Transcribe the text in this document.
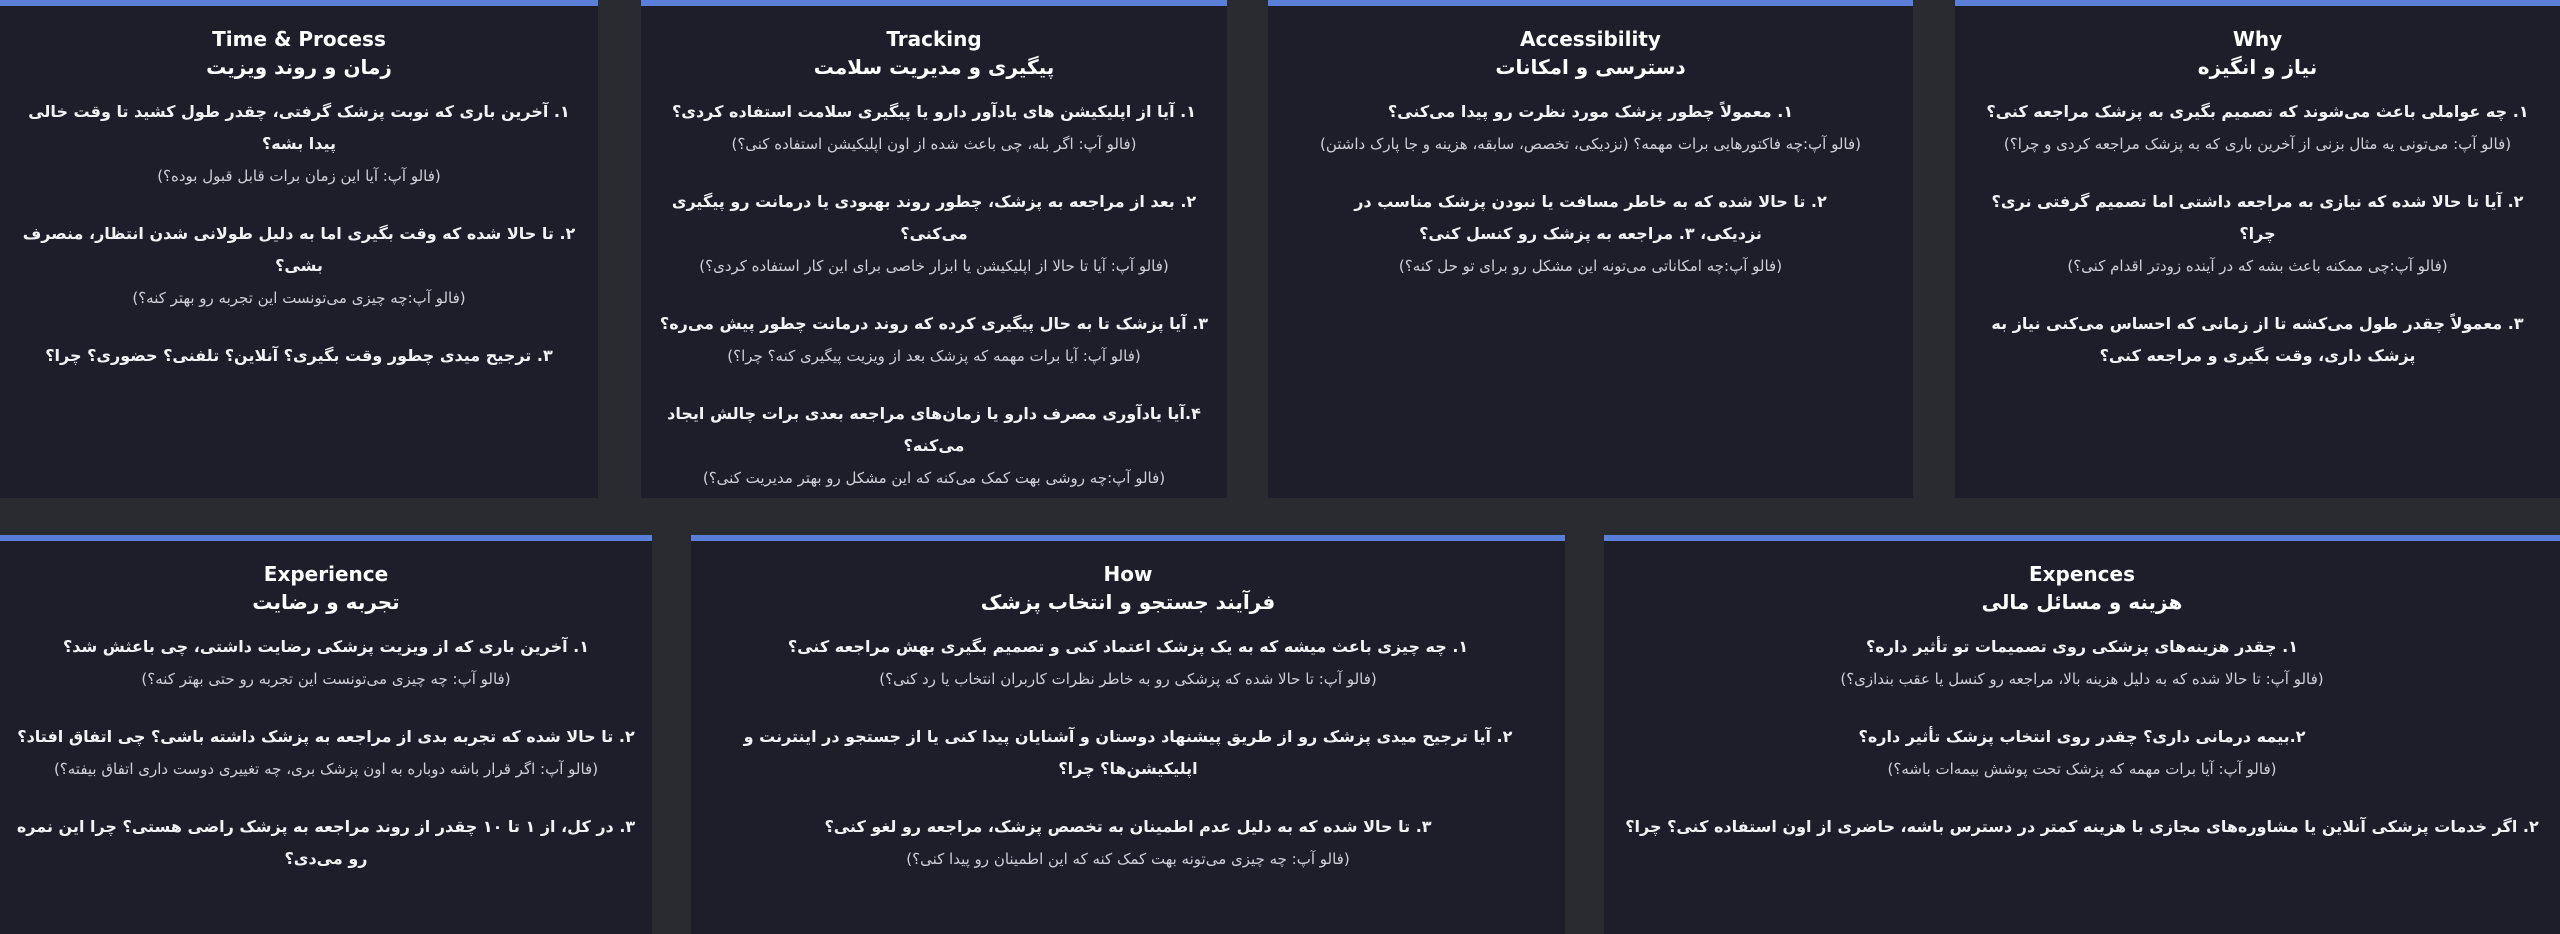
Time & Process
زمان و روند ویزیت
۱. آخرین باری که نوبت پزشک گرفتی، چقدر طول کشید تا وقت خالی پیدا بشه؟
(فالو آپ: آیا این زمان برات قابل قبول بوده؟)
۲. تا حالا شده که وقت بگیری اما به دلیل طولانی شدن انتظار، منصرف بشی؟
(فالو آپ:چه چیزی می‌تونست این تجربه رو بهتر کنه؟)
۳. ترجیح میدی چطور وقت بگیری؟ آنلاین؟ تلفنی؟ حضوری؟ چرا؟
Tracking
پیگیری و مدیریت سلامت
۱. آیا از اپلیکیشن های یادآور دارو یا پیگیری سلامت استفاده کردی؟
(فالو آپ: اگر بله، چی باعث شده از اون اپلیکیشن استفاده کنی؟)
۲. بعد از مراجعه به پزشک، چطور روند بهبودی یا درمانت رو پیگیری می‌کنی؟
(فالو آپ: آیا تا حالا از اپلیکیشن یا ابزار خاصی برای این کار استفاده کردی؟)
۳. آیا پزشک تا به حال پیگیری کرده که روند درمانت چطور پیش می‌ره؟
(فالو آپ: آیا برات مهمه که پزشک بعد از ویزیت پیگیری کنه؟ چرا؟)
۴.آیا یادآوری مصرف دارو یا زمان‌های مراجعه بعدی برات چالش ایجاد می‌کنه؟
(فالو آپ:چه روشی بهت کمک می‌کنه که این مشکل رو بهتر مدیریت کنی؟)
Accessibility
دسترسی و امکانات
۱. معمولاً چطور پزشک مورد نظرت رو پیدا می‌کنی؟
(فالو آپ:چه فاکتورهایی برات مهمه؟ (نزدیکی، تخصص، سابقه، هزینه و جا پارک داشتن)
۲. تا حالا شده که به خاطر مسافت یا نبودن پزشک مناسب در نزدیکی، ۳. مراجعه به پزشک رو کنسل کنی؟
(فالو آپ:چه امکاناتی می‌تونه این مشکل رو برای تو حل کنه؟)
Why
نیاز و انگیزه
۱. چه عواملی باعث می‌شوند که تصمیم بگیری به پزشک مراجعه کنی؟
(فالو آپ: می‌تونی یه مثال بزنی از آخرین باری که به پزشک مراجعه کردی و چرا؟)
۲. آیا تا حالا شده که نیازی به مراجعه داشتی اما تصمیم گرفتی نری؟ چرا؟
(فالو آپ:چی ممکنه باعث بشه که در آینده زودتر اقدام کنی؟)
۳. معمولاً چقدر طول می‌کشه تا از زمانی که احساس می‌کنی نیاز به پزشک داری، وقت بگیری و مراجعه کنی؟
Experience
تجربه و رضایت
۱. آخرین باری که از ویزیت پزشکی رضایت داشتی، چی باعثش شد؟
(فالو آپ: چه چیزی می‌تونست این تجربه رو حتی بهتر کنه؟)
۲. تا حالا شده که تجربه بدی از مراجعه به پزشک داشته باشی؟ چی اتفاق افتاد؟
(فالو آپ: اگر قرار باشه دوباره به اون پزشک بری، چه تغییری دوست داری اتفاق بیفته؟)
۳. در کل، از ۱ تا ۱۰ چقدر از روند مراجعه به پزشک راضی هستی؟ چرا این نمره رو می‌دی؟
How
فرآیند جستجو و انتخاب پزشک
۱. چه چیزی باعث میشه که به یک پزشک اعتماد کنی و تصمیم بگیری بهش مراجعه کنی؟
(فالو آپ: تا حالا شده که پزشکی رو به خاطر نظرات کاربران انتخاب یا رد کنی؟)
۲. آیا ترجیح میدی پزشک رو از طریق پیشنهاد دوستان و آشنایان پیدا کنی یا از جستجو در اینترنت و اپلیکیشن‌ها؟ چرا؟
۳. تا حالا شده که به دلیل عدم اطمینان به تخصص پزشک، مراجعه رو لغو کنی؟
(فالو آپ: چه چیزی می‌تونه بهت کمک کنه که این اطمینان رو پیدا کنی؟)
Expences
هزینه و مسائل مالی
۱. چقدر هزینه‌های پزشکی روی تصمیمات تو تأثیر داره؟
(فالو آپ: تا حالا شده که به دلیل هزینه بالا، مراجعه رو کنسل یا عقب بندازی؟)
۲.بیمه درمانی داری؟ چقدر روی انتخاب پزشک تأثیر داره؟
(فالو آپ: آیا برات مهمه که پزشک تحت پوشش بیمه‌ات باشه؟)
۲. اگر خدمات پزشکی آنلاین یا مشاوره‌های مجازی با هزینه کمتر در دسترس باشه، حاضری از اون استفاده کنی؟ چرا؟
